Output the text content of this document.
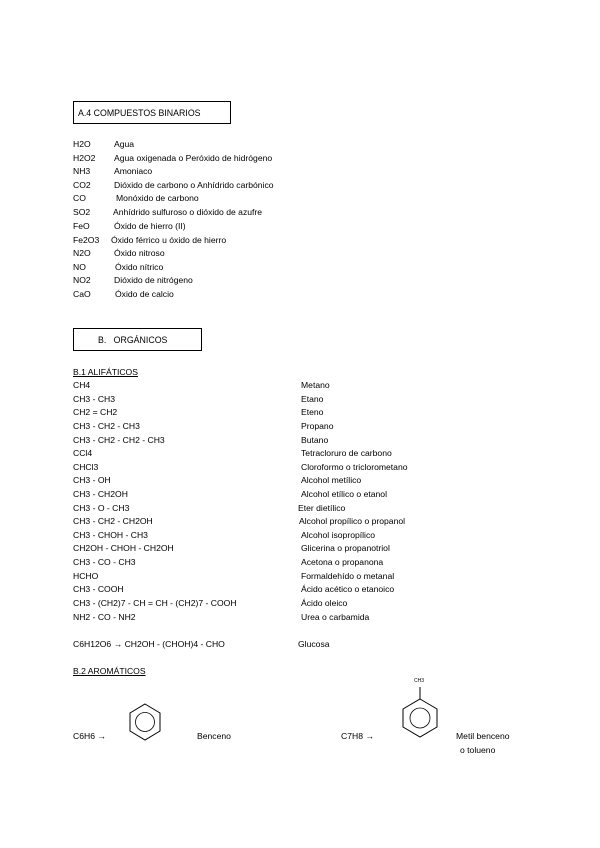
A.4 COMPUESTOS BINARIOS
H2O	Agua
H2O2 Agua oxigenada o Peróxido de hidrógeno
NH3	Amoniaco
CO2	Dióxido de carbono o Anhídrido carbónico
CO	Monóxido de carbono
SO2	Anhídrido sulfuroso o dióxido de azufre
FeO	Óxido de hierro (II)
Fe2O3 Óxido férrico u óxido de hierro
N2O	Óxido nitroso
NO	Óxido nítrico
NO2	Dióxido de nitrógeno
CaO	Óxido de calcio
B.   ORGÁNICOS
B.1 ALIFÁTICOS
CH4	Metano
CH3 - CH3	Etano
CH2 = CH2	Eteno
CH3 - CH2 - CH3	Propano
CH3 - CH2 - CH2 - CH3	Butano
CCl4	Tetracloruro de carbono
CHCl3	Cloroformo o triclorometano
CH3 - OH	Alcohol metílico
CH3 - CH2OH	Alcohol etílico o etanol
CH3 - O - CH3	Eter dietílico
CH3 - CH2 - CH2OH	Alcohol propílico o propanol
CH3 - CHOH - CH3	Alcohol isopropílico
CH2OH - CHOH - CH2OH	Glicerina o propanotriol
CH3 - CO - CH3	Acetona o propanona
HCHO	Formaldehído o metanal
CH3 - COOH	Ácido acético o etanoico
CH3 - (CH2)7 - CH = CH - (CH2)7 - COOH	Ácido oleico
NH2 - CO - NH2	Urea o carbamida
C6H12O6 → CH2OH - (CHOH)4 - CHO	Glucosa
B.2 AROMÁTICOS
C6H6 →	Benceno	C7H8 →
CH3
Metil benceno
o tolueno
